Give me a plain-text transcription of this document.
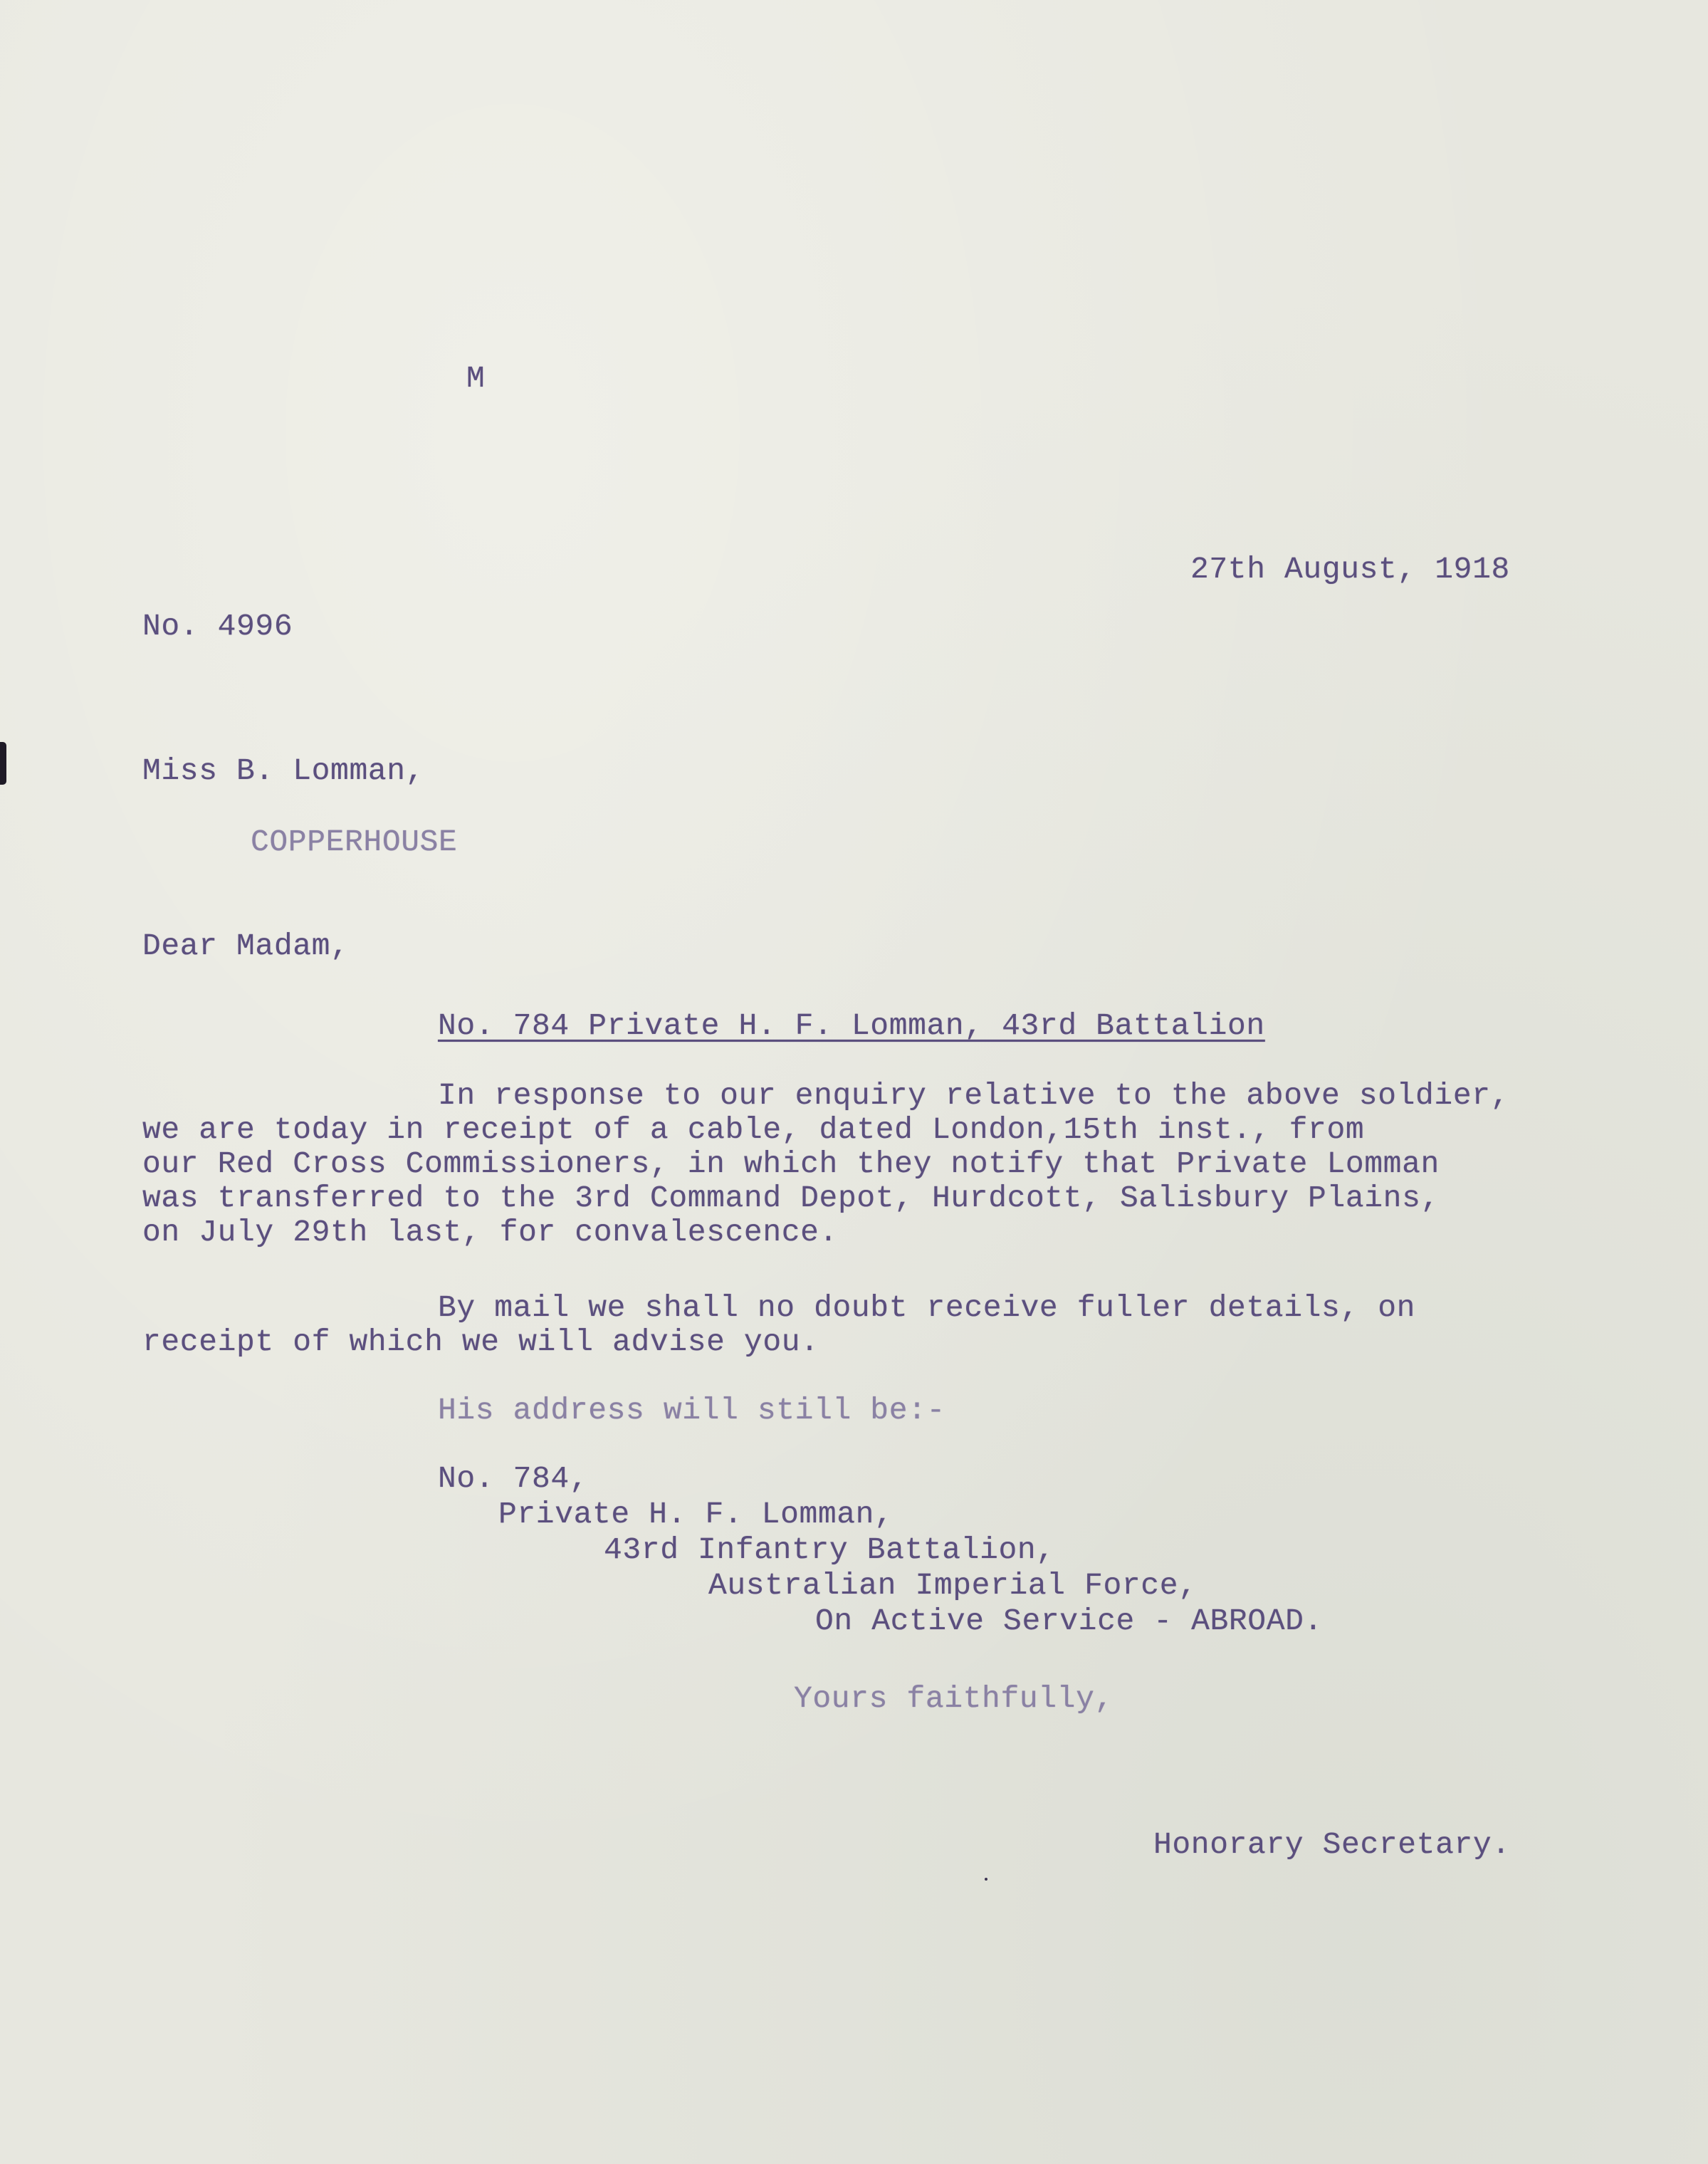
M
27th August, 1918
No. 4996
Miss B. Lomman,
COPPERHOUSE
Dear Madam,
No. 784 Private H. F. Lomman, 43rd Battalion
In response to our enquiry relative to the above soldier,
we are today in receipt of a cable, dated London,15th inst., from
our Red Cross Commissioners, in which they notify that Private Lomman
was transferred to the 3rd Command Depot, Hurdcott, Salisbury Plains,
on July 29th last, for convalescence.
By mail we shall no doubt receive fuller details, on
receipt of which we will advise you.
His address will still be:-
No. 784,
Private H. F. Lomman,
43rd Infantry Battalion,
Australian Imperial Force,
On Active Service - ABROAD.
Yours faithfully,
Honorary Secretary.
